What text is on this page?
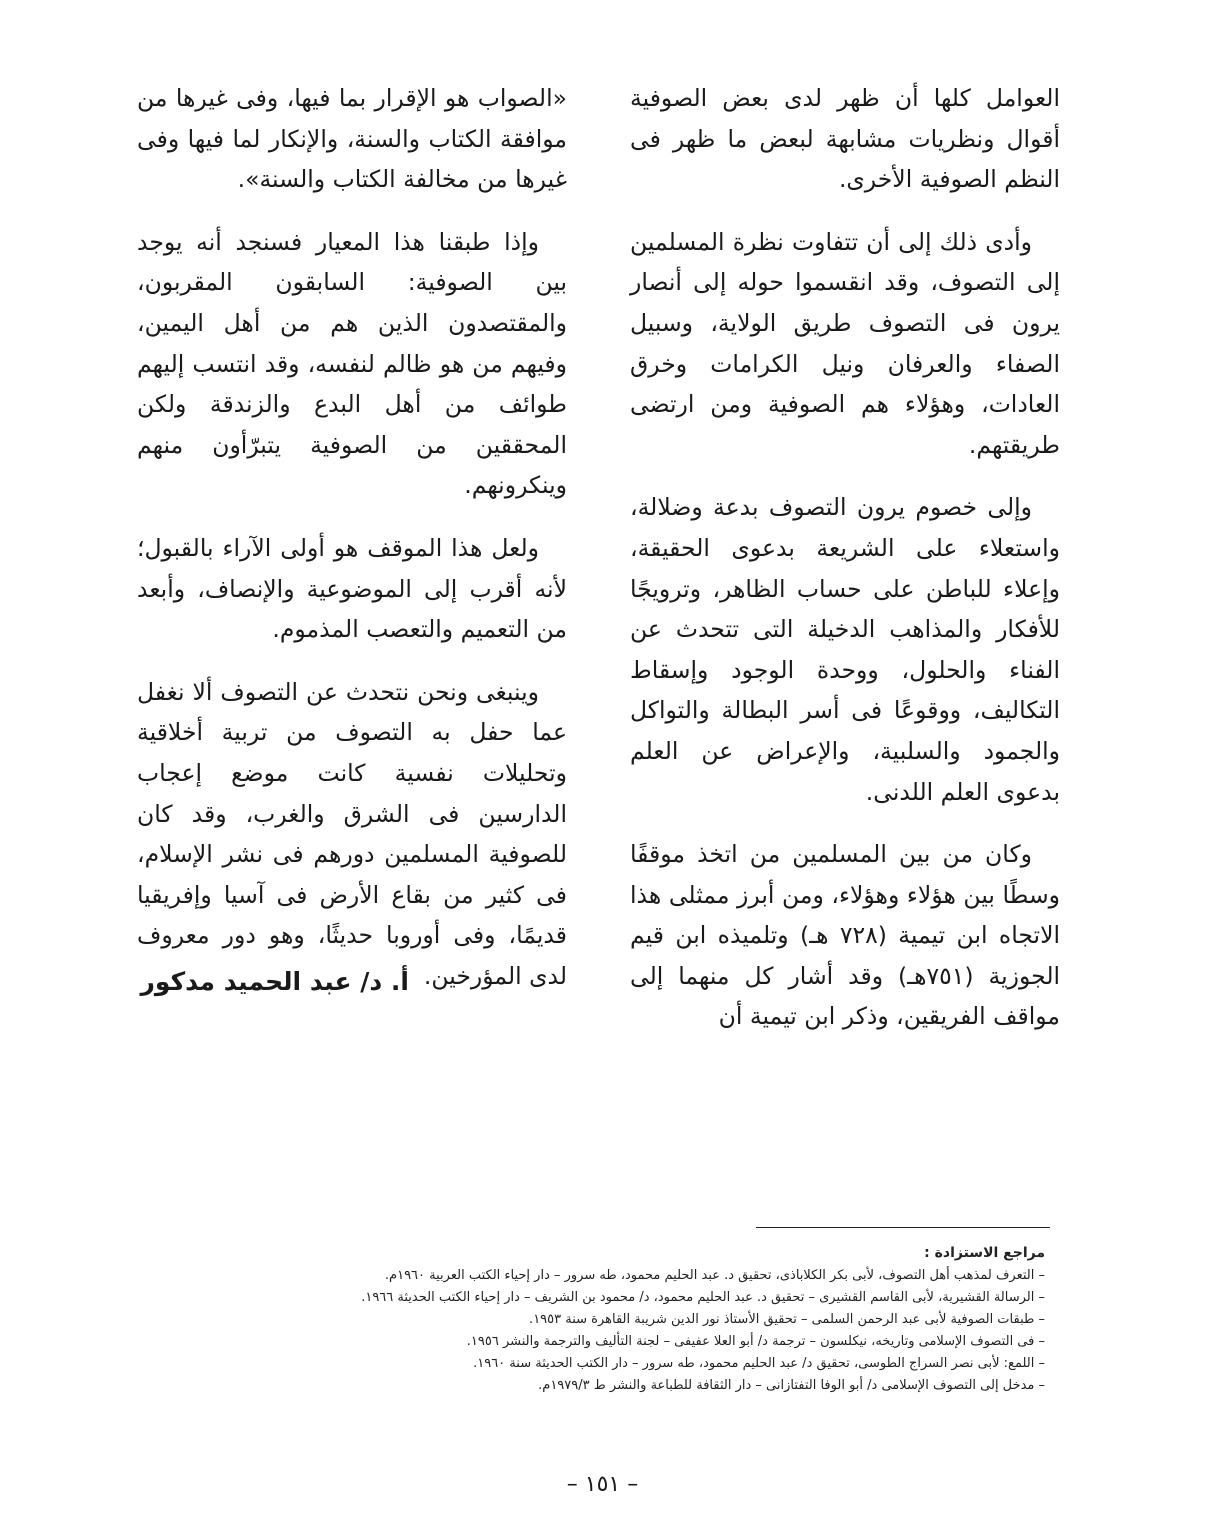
العوامل كلها أن ظهر لدى بعض الصوفية أقوال ونظريات مشابهة لبعض ما ظهر فى النظم الصوفية الأخرى.

وأدى ذلك إلى أن تتفاوت نظرة المسلمين إلى التصوف، وقد انقسموا حوله إلى أنصار يرون فى التصوف طريق الولاية، وسبيل الصفاء والعرفان ونيل الكرامات وخرق العادات، وهؤلاء هم الصوفية ومن ارتضى طريقتهم.

وإلى خصوم يرون التصوف بدعة وضلالة، واستعلاء على الشريعة بدعوى الحقيقة، وإعلاء للباطن على حساب الظاهر، وترويجًا للأفكار والمذاهب الدخيلة التى تتحدث عن الفناء والحلول، ووحدة الوجود وإسقاط التكاليف، ووقوعًا فى أسر البطالة والتواكل والجمود والسلبية، والإعراض عن العلم بدعوى العلم اللدنى.

وكان من بين المسلمين من اتخذ موقفًا وسطًا بين هؤلاء وهؤلاء، ومن أبرز ممثلى هذا الاتجاه ابن تيمية (٧٢٨ هـ) وتلميذه ابن قيم الجوزية (٧٥١هـ) وقد أشار كل منهما إلى مواقف الفريقين، وذكر ابن تيمية أن

«الصواب هو الإقرار بما فيها، وفى غيرها من موافقة الكتاب والسنة، والإنكار لما فيها وفى غيرها من مخالفة الكتاب والسنة».

وإذا طبقنا هذا المعيار فسنجد أنه يوجد بين الصوفية: السابقون المقربون، والمقتصدون الذين هم من أهل اليمين، وفيهم من هو ظالم لنفسه، وقد انتسب إليهم طوائف من أهل البدع والزندقة ولكن المحققين من الصوفية يتبرّأون منهم وينكرونهم.

ولعل هذا الموقف هو أولى الآراء بالقبول؛ لأنه أقرب إلى الموضوعية والإنصاف، وأبعد من التعميم والتعصب المذموم.

وينبغى ونحن نتحدث عن التصوف ألا نغفل عما حفل به التصوف من تربية أخلاقية وتحليلات نفسية كانت موضع إعجاب الدارسين فى الشرق والغرب، وقد كان للصوفية المسلمين دورهم فى نشر الإسلام، فى كثير من بقاع الأرض فى آسيا وإفريقيا قديمًا، وفى أوروبا حديثًا، وهو دور معروف لدى المؤرخين.

أ. د/ عبد الحميد مدكور
مراجع الاستزادة :
– التعرف لمذهب أهل التصوف، لأبى بكر الكلاباذى، تحقيق د. عبد الحليم محمود، طه سرور – دار إحياء الكتب العربية ١٩٦٠م.
– الرسالة القشيرية، لأبى القاسم القشيرى – تحقيق د. عبد الحليم محمود، د/ محمود بن الشريف – دار إحياء الكتب الحديثة ١٩٦٦.
– طبقات الصوفية لأبى عبد الرحمن السلمى – تحقيق الأستاذ نور الدين شريبة القاهرة سنة ١٩٥٣.
– فى التصوف الإسلامى وتاريخه، نيكلسون – ترجمة د/ أبو العلا عفيفى – لجنة التأليف والترجمة والنشر ١٩٥٦.
– اللمع: لأبى نصر السراج الطوسى، تحقيق د/ عبد الحليم محمود، طه سرور – دار الكتب الحديثة سنة ١٩٦٠.
– مدخل إلى التصوف الإسلامى د/ أبو الوفا التفتازانى – دار الثقافة للطباعة والنشر ط ١٩٧٩/٣م.
– ١٥١ –
